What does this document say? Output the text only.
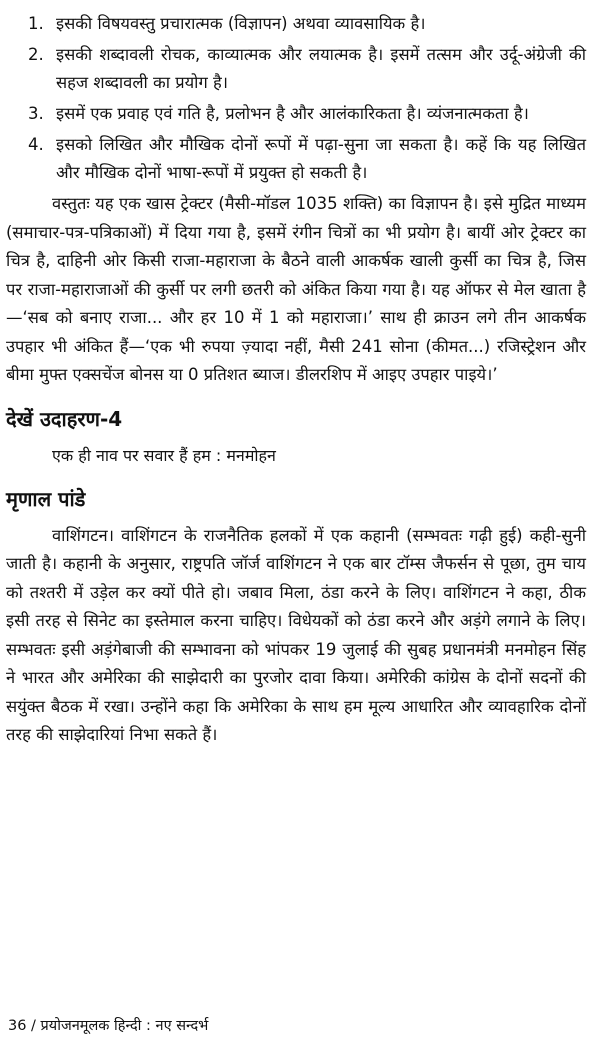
1. इसकी विषयवस्तु प्रचारात्मक (विज्ञापन) अथवा व्यावसायिक है।
2. इसकी शब्दावली रोचक, काव्यात्मक और लयात्मक है। इसमें तत्सम और उर्दू-अंग्रेजी की सहज शब्दावली का प्रयोग है।
3. इसमें एक प्रवाह एवं गति है, प्रलोभन है और आलंकारिकता है। व्यंजनात्मकता है।
4. इसको लिखित और मौखिक दोनों रूपों में पढ़ा-सुना जा सकता है। कहें कि यह लिखित और मौखिक दोनों भाषा-रूपों में प्रयुक्त हो सकती है।

वस्तुतः यह एक खास ट्रेक्टर (मैसी-मॉडल 1035 शक्ति) का विज्ञापन है। इसे मुद्रित माध्यम (समाचार-पत्र-पत्रिकाओं) में दिया गया है, इसमें रंगीन चित्रों का भी प्रयोग है। बायीं ओर ट्रेक्टर का चित्र है, दाहिनी ओर किसी राजा-महाराजा के बैठने वाली आकर्षक खाली कुर्सी का चित्र है, जिस पर राजा-महाराजाओं की कुर्सी पर लगी छतरी को अंकित किया गया है। यह ऑफर से मेल खाता है—‘सब को बनाए राजा... और हर 10 में 1 को महाराजा।’ साथ ही क्राउन लगे तीन आकर्षक उपहार भी अंकित हैं—‘एक भी रुपया ज़्यादा नहीं, मैसी 241 सोना (कीमत...) रजिस्ट्रेशन और बीमा मुफ्त एक्सचेंज बोनस या 0 प्रतिशत ब्याज। डीलरशिप में आइए उपहार पाइये।’

देखें उदाहरण-4
एक ही नाव पर सवार हैं हम : मनमोहन
मृणाल पांडे

वाशिंगटन। वाशिंगटन के राजनैतिक हलकों में एक कहानी (सम्भवतः गढ़ी हुई) कही-सुनी जाती है। कहानी के अनुसार, राष्ट्रपति जॉर्ज वाशिंगटन ने एक बार टॉम्स जैफर्सन से पूछा, तुम चाय को तश्तरी में उड़ेल कर क्यों पीते हो। जबाव मिला, ठंडा करने के लिए। वाशिंगटन ने कहा, ठीक इसी तरह से सिनेट का इस्तेमाल करना चाहिए। विधेयकों को ठंडा करने और अड़ंगे लगाने के लिए। सम्भवतः इसी अड़ंगेबाजी की सम्भावना को भांपकर 19 जुलाई की सुबह प्रधानमंत्री मनमोहन सिंह ने भारत और अमेरिका की साझेदारी का पुरजोर दावा किया। अमेरिकी कांग्रेस के दोनों सदनों की सयुंक्त बैठक में रखा। उन्होंने कहा कि अमेरिका के साथ हम मूल्य आधारित और व्यावहारिक दोनों तरह की साझेदारियां निभा सकते हैं।

36 / प्रयोजनमूलक हिन्दी : नए सन्दर्भ
